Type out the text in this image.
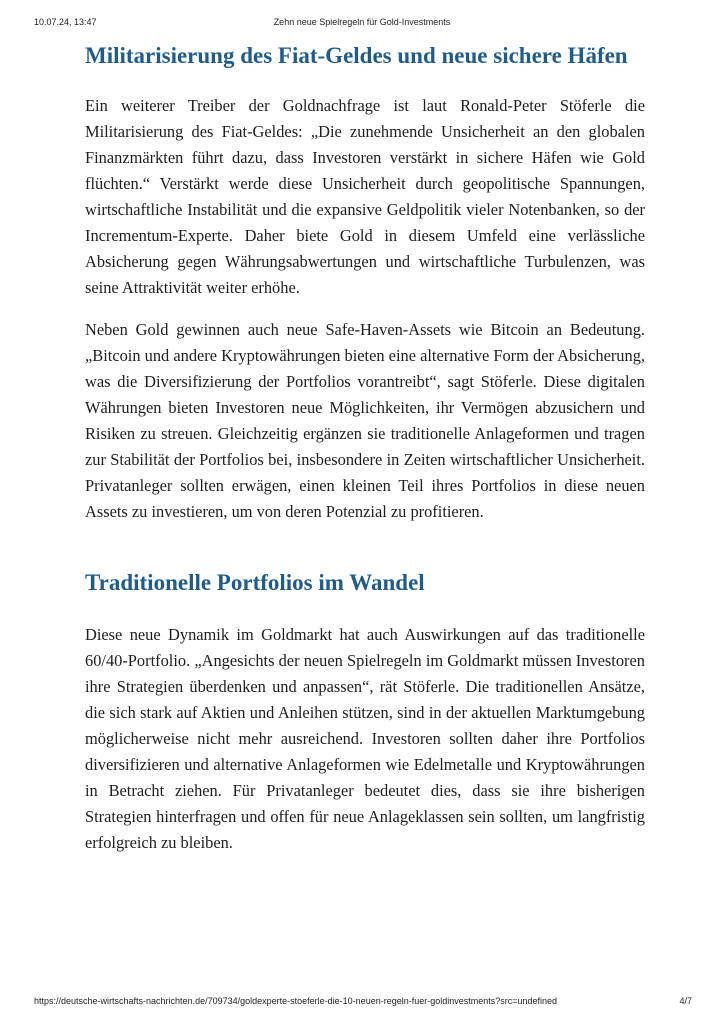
10.07.24, 13:47	Zehn neue Spielregeln für Gold-Investments
Militarisierung des Fiat-Geldes und neue sichere Häfen

Ein weiterer Treiber der Goldnachfrage ist laut Ronald-Peter Stöferle die Militarisierung des Fiat-Geldes: „Die zunehmende Unsicherheit an den globalen Finanzmärkten führt dazu, dass Investoren verstärkt in sichere Häfen wie Gold flüchten.“ Verstärkt werde diese Unsicherheit durch geopolitische Spannungen, wirtschaftliche Instabilität und die expansive Geldpolitik vieler Notenbanken, so der Incrementum-Experte. Daher biete Gold in diesem Umfeld eine verlässliche Absicherung gegen Währungsabwertungen und wirtschaftliche Turbulenzen, was seine Attraktivität weiter erhöhe.

Neben Gold gewinnen auch neue Safe-Haven-Assets wie Bitcoin an Bedeutung. „Bitcoin und andere Kryptowährungen bieten eine alternative Form der Absicherung, was die Diversifizierung der Portfolios vorantreibt“, sagt Stöferle. Diese digitalen Währungen bieten Investoren neue Möglichkeiten, ihr Vermögen abzusichern und Risiken zu streuen. Gleichzeitig ergänzen sie traditionelle Anlageformen und tragen zur Stabilität der Portfolios bei, insbesondere in Zeiten wirtschaftlicher Unsicherheit. Privatanleger sollten erwägen, einen kleinen Teil ihres Portfolios in diese neuen Assets zu investieren, um von deren Potenzial zu profitieren.

Traditionelle Portfolios im Wandel

Diese neue Dynamik im Goldmarkt hat auch Auswirkungen auf das traditionelle 60/40-Portfolio. „Angesichts der neuen Spielregeln im Goldmarkt müssen Investoren ihre Strategien überdenken und anpassen“, rät Stöferle. Die traditionellen Ansätze, die sich stark auf Aktien und Anleihen stützen, sind in der aktuellen Marktumgebung möglicherweise nicht mehr ausreichend. Investoren sollten daher ihre Portfolios diversifizieren und alternative Anlageformen wie Edelmetalle und Kryptowährungen in Betracht ziehen. Für Privatanleger bedeutet dies, dass sie ihre bisherigen Strategien hinterfragen und offen für neue Anlageklassen sein sollten, um langfristig erfolgreich zu bleiben.

https://deutsche-wirtschafts-nachrichten.de/709734/goldexperte-stoeferle-die-10-neuen-regeln-fuer-goldinvestments?src=undefined	4/7
